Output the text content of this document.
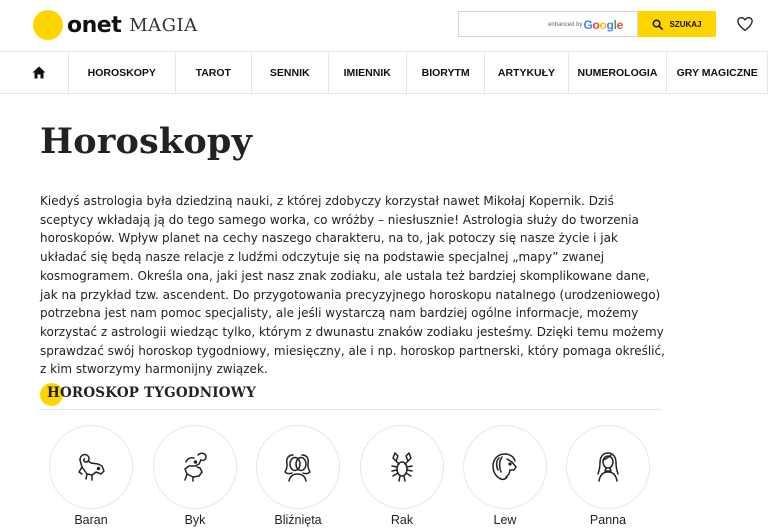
onet MAGIA	enhanced by Google	SZUKAJ
HOROSKOPY	TAROT	SENNIK	IMIENNIK	BIORYTM	ARTYKUŁY	NUMEROLOGIA	GRY MAGICZNE
Horoskopy

Kiedyś astrologia była dziedziną nauki, z której zdobyczy korzystał nawet Mikołaj Kopernik. Dziś sceptycy wkładają ją do tego samego worka, co wróżby – niesłusznie! Astrologia służy do tworzenia horoskopów. Wpływ planet na cechy naszego charakteru, na to, jak potoczy się nasze życie i jak układać się będą nasze relacje z ludźmi odczytuje się na podstawie specjalnej „mapy” zwanej kosmogramem. Określa ona, jaki jest nasz znak zodiaku, ale ustala też bardziej skomplikowane dane, jak na przykład tzw. ascendent. Do przygotowania precyzyjnego horoskopu natalnego (urodzeniowego) potrzebna jest nam pomoc specjalisty, ale jeśli wystarczą nam bardziej ogólne informacje, możemy korzystać z astrologii wiedząc tylko, którym z dwunastu znaków zodiaku jesteśmy. Dzięki temu możemy sprawdzać swój horoskop tygodniowy, miesięczny, ale i np. horoskop partnerski, który pomaga określić, z kim stworzymy harmonijny związek.

HOROSKOP TYGODNIOWY
Baran	Byk	Bliźnięta	Rak	Lew	Panna
